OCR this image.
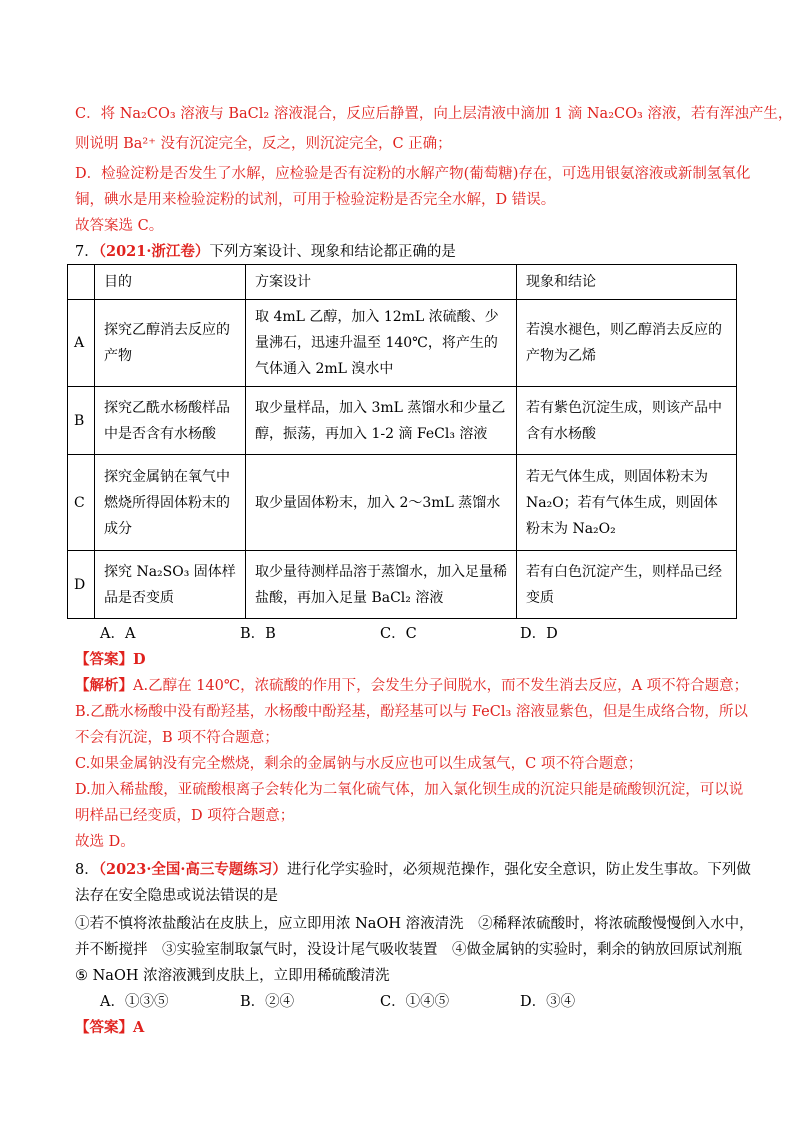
C．将 Na₂CO₃ 溶液与 BaCl₂ 溶液混合，反应后静置，向上层清液中滴加 1 滴 Na₂CO₃ 溶液，若有浑浊产生，
则说明 Ba²⁺ 没有沉淀完全，反之，则沉淀完全，C 正确；
D．检验淀粉是否发生了水解，应检验是否有淀粉的水解产物(葡萄糖)存在，可选用银氨溶液或新制氢氧化
铜，碘水是用来检验淀粉的试剂，可用于检验淀粉是否完全水解，D 错误。
故答案选 C。
7．（2021·浙江卷）下列方案设计、现象和结论都正确的是
	目的	方案设计	现象和结论
A	探究乙醇消去反应的产物	取 4mL 乙醇，加入 12mL 浓硫酸、少量沸石，迅速升温至 140℃，将产生的气体通入 2mL 溴水中	若溴水褪色，则乙醇消去反应的产物为乙烯
B	探究乙酰水杨酸样品中是否含有水杨酸	取少量样品，加入 3mL 蒸馏水和少量乙醇，振荡，再加入 1-2 滴 FeCl₃ 溶液	若有紫色沉淀生成，则该产品中含有水杨酸
C	探究金属钠在氧气中燃烧所得固体粉末的成分	取少量固体粉末，加入 2～3mL 蒸馏水	若无气体生成，则固体粉末为 Na₂O；若有气体生成，则固体粉末为 Na₂O₂
D	探究 Na₂SO₃ 固体样品是否变质	取少量待测样品溶于蒸馏水，加入足量稀盐酸，再加入足量 BaCl₂ 溶液	若有白色沉淀产生，则样品已经变质
A．A	B．B	C．C	D．D
【答案】D
【解析】A.乙醇在 140℃，浓硫酸的作用下，会发生分子间脱水，而不发生消去反应，A 项不符合题意；
B.乙酰水杨酸中没有酚羟基，水杨酸中酚羟基，酚羟基可以与 FeCl₃ 溶液显紫色，但是生成络合物，所以
不会有沉淀，B 项不符合题意；
C.如果金属钠没有完全燃烧，剩余的金属钠与水反应也可以生成氢气，C 项不符合题意；
D.加入稀盐酸，亚硫酸根离子会转化为二氧化硫气体，加入氯化钡生成的沉淀只能是硫酸钡沉淀，可以说
明样品已经变质，D 项符合题意；
故选 D。
8．（2023·全国·高三专题练习）进行化学实验时，必须规范操作，强化安全意识，防止发生事故。下列做
法存在安全隐患或说法错误的是
①若不慎将浓盐酸沾在皮肤上，应立即用浓 NaOH 溶液清洗　②稀释浓硫酸时，将浓硫酸慢慢倒入水中，
并不断搅拌　③实验室制取氯气时，没设计尾气吸收装置　④做金属钠的实验时，剩余的钠放回原试剂瓶
⑤ NaOH 浓溶液溅到皮肤上，立即用稀硫酸清洗
A．①③⑤	B．②④	C．①④⑤	D．③④
【答案】A
